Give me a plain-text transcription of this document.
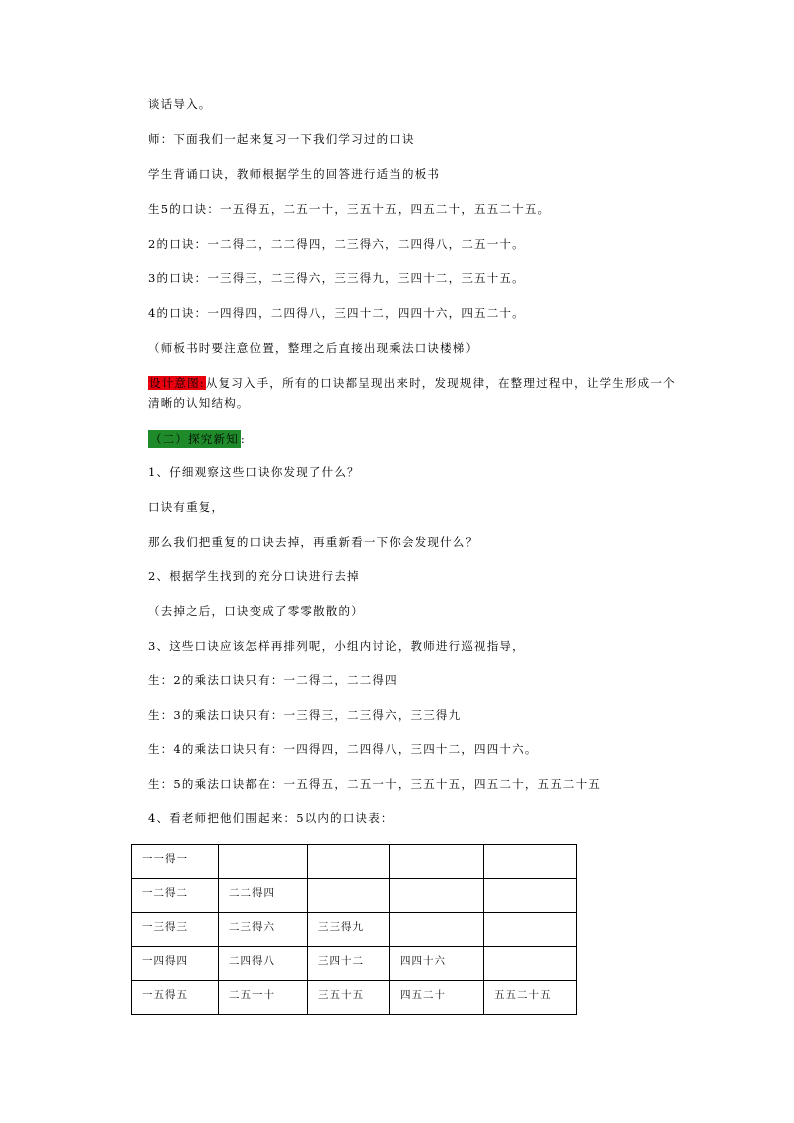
谈话导入。
师：下面我们一起来复习一下我们学习过的口诀
学生背诵口诀，教师根据学生的回答进行适当的板书
生5的口诀：一五得五，二五一十，三五十五，四五二十，五五二十五。
2的口诀：一二得二，二二得四，二三得六，二四得八，二五一十。
3的口诀：一三得三，二三得六，三三得九，三四十二，三五十五。
4的口诀：一四得四，二四得八，三四十二，四四十六，四五二十。
（师板书时要注意位置，整理之后直接出现乘法口诀楼梯）
设计意图:从复习入手，所有的口诀都呈现出来时，发现规律，在整理过程中，让学生形成一个清晰的认知结构。
（二）探究新知 :
1、仔细观察这些口诀你发现了什么？
口诀有重复，
那么我们把重复的口诀去掉，再重新看一下你会发现什么？
2、根据学生找到的充分口诀进行去掉
（去掉之后，口诀变成了零零散散的）
3、这些口诀应该怎样再排列呢，小组内讨论，教师进行巡视指导，
生：2的乘法口诀只有：一二得二，二二得四
生：3的乘法口诀只有：一三得三，二三得六，三三得九
生：4的乘法口诀只有：一四得四，二四得八，三四十二，四四十六。
生：5的乘法口诀都在：一五得五，二五一十，三五十五，四五二十，五五二十五
4、看老师把他们围起来：5以内的口诀表：
一一得一				
一二得二	二二得四			
一三得三	二三得六	三三得九		
一四得四	二四得八	三四十二	四四十六	
一五得五	二五一十	三五十五	四五二十	五五二十五
